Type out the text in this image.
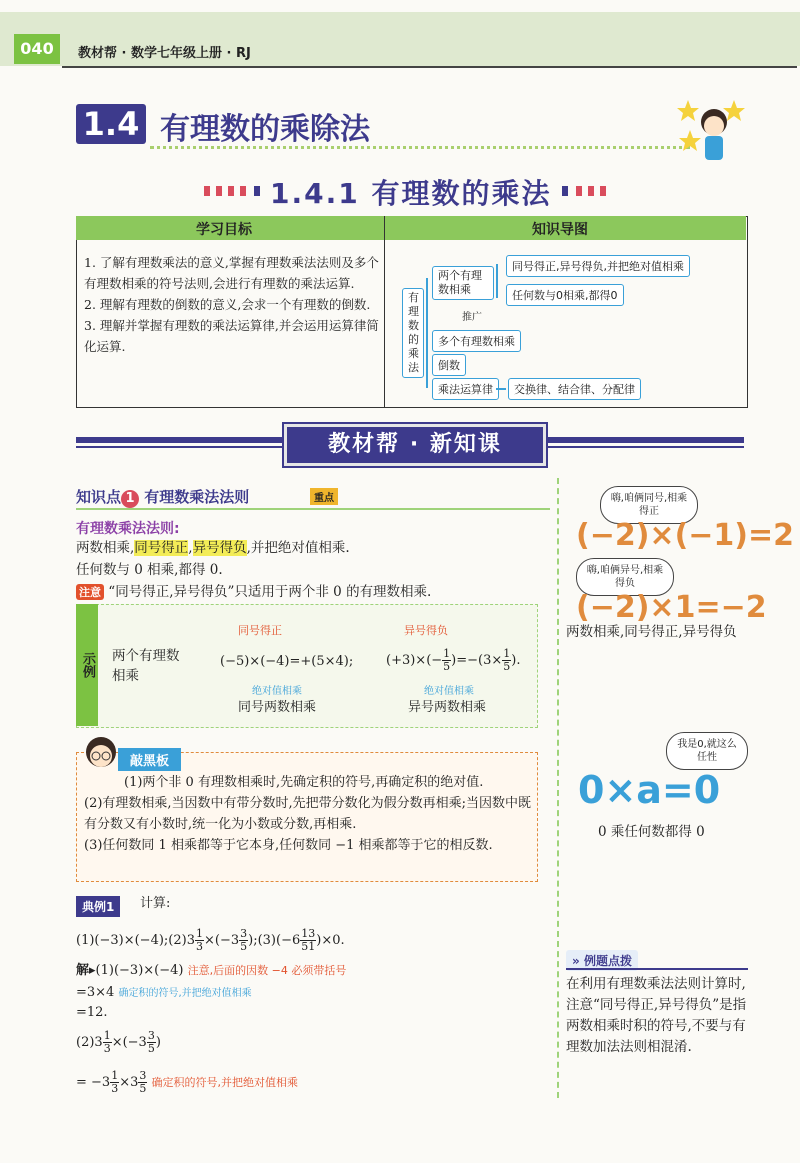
040	教材帮 · 数学七年级上册 · RJ
1.4 有理数的乘除法
1.4.1 有理数的乘法
学习目标	知识导图

1. 了解有理数乘法的意义,掌握有理数乘法法则及多个有理数相乘的符号法则,会进行有理数的乘法运算.

2. 理解有理数的倒数的意义,会求一个有理数的倒数.

3. 理解并掌握有理数的乘法运算律,并会运用运算律简化运算.

有理数的乘法
两个有理数相乘
同号得正,异号得负,并把绝对值相乘
任何数与0相乘,都得0
推广
多个有理数相乘
倒数
乘法运算律	交换律、结合律、分配律
教材帮 · 新知课
知识点 1 有理数乘法法则	重点
有理数乘法法则:
两数相乘,同号得正,异号得负,并把绝对值相乘.
任何数与 0 相乘,都得 0.
注意 “同号得正,异号得负”只适用于两个非 0 的有理数相乘.
示例 两个有理数相乘
同号得正
(−5)×(−4)=+(5×4);
绝对值相乘
同号两数相乘
异号得负
$(+3)\times(- \frac{1}{5} )=-(3\times \frac{1}{5}$ ).
绝对值相乘
异号两数相乘
敲黑板

(1)两个非 0 有理数相乘时,先确定积的符号,再确定积的绝对值.

(2)有理数相乘,当因数中有带分数时,先把带分数化为假分数再相乘;当因数中既有分数又有小数时,统一化为小数或分数,再相乘.

(3)任何数同 1 相乘都等于它本身,任何数同 −1 相乘都等于它的相反数.

典例1	计算:
(1)(−3)×(−4);(2)3 $\frac{1}{3} \times(-3 \frac{3}{5}$ );(3)(−6 $\frac{13}{51} )\times 0$.
解▸(1)(−3)×(−4) 注意,后面的因数 −4 必须带括号
=3×4 确定积的符号,并把绝对值相乘
=12.
$(2)3 \frac{1}{3} \times(-3 \frac{3}{5}$ )
= $-3 \frac{1}{3} \times 3 \frac{3}{5}$ 确定积的符号,并把绝对值相乘
嗨,咱俩同号,相乘得正
(−2)×(−1)=2
嗨,咱俩异号,相乘得负
(−2)×1=−2
两数相乘,同号得正,异号得负
我是0,就这么任性
0×a=0
0 乘任何数都得 0
» 例题点拨
在利用有理数乘法法则计算时,注意“同号得正,异号得负”是指两数相乘时积的符号,不要与有理数加法法则相混淆.
